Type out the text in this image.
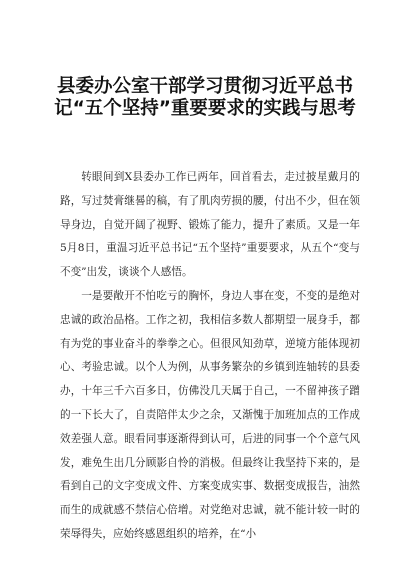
县委办公室干部学习贯彻习近平总书记“五个坚持”重要要求的实践与思考

转眼间到X县委办工作已两年，回首看去，走过披星戴月的路，写过焚膏继晷的稿，有了肌肉劳损的腰，付出不少，但在领导身边，自觉开阔了视野、锻炼了能力，提升了素质。又是一年5月8日，重温习近平总书记“五个坚持”重要要求，从五个“变与不变”出发，谈谈个人感悟。

一是要敞开不怕吃亏的胸怀，身边人事在变，不变的是绝对忠诚的政治品格。工作之初，我相信多数人都期望一展身手，都有为党的事业奋斗的拳拳之心。但很风知劲草，逆境方能体现初心、考验忠诚。以个人为例，从事务繁杂的乡镇到连轴转的县委办，十年三千六百多日，仿佛没几天属于自己，一不留神孩子蹭的一下长大了，自责陪伴太少之余，又渐愧于加班加点的工作成效差强人意。眼看同事逐渐得到认可，后进的同事一个个意气风发，难免生出几分顾影自怜的消极。但最终让我坚持下来的，是看到自己的文字变成文件、方案变成实事、数据变成报告，油然而生的成就感不禁信心倍增。对党绝对忠诚，就不能计较一时的荣辱得失，应始终感恩组织的培养，在“小
